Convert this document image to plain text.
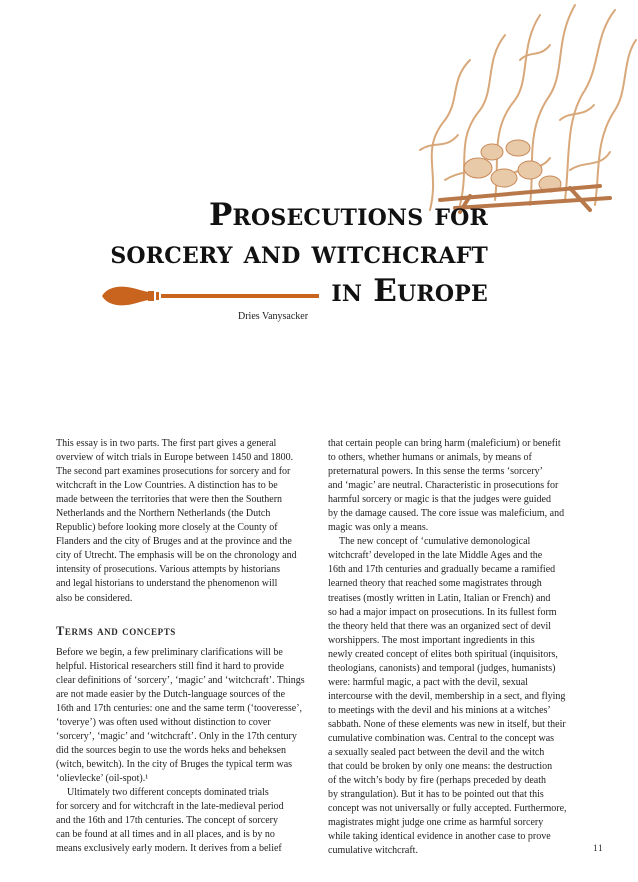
Prosecutions for
sorcery and witchcraft
in Europe
Dries Vanysacker
This essay is in two parts. The first part gives a general
overview of witch trials in Europe between 1450 and 1800.
The second part examines prosecutions for sorcery and for
witchcraft in the Low Countries. A distinction has to be
made between the territories that were then the Southern
Netherlands and the Northern Netherlands (the Dutch
Republic) before looking more closely at the County of
Flanders and the city of Bruges and at the province and the
city of Utrecht. The emphasis will be on the chronology and
intensity of prosecutions. Various attempts by historians
and legal historians to understand the phenomenon will
also be considered.
Terms and concepts
Before we begin, a few preliminary clarifications will be
helpful. Historical researchers still find it hard to provide
clear definitions of ‘sorcery’, ‘magic’ and ‘witchcraft’. Things
are not made easier by the Dutch-language sources of the
16th and 17th centuries: one and the same term (‘tooveresse’,
‘toverye’) was often used without distinction to cover
‘sorcery’, ‘magic’ and ‘witchcraft’. Only in the 17th century
did the sources begin to use the words heks and beheksen
(witch, bewitch). In the city of Bruges the typical term was
‘olievlecke’ (oil-spot).¹
Ultimately two different concepts dominated trials
for sorcery and for witchcraft in the late-medieval period
and the 16th and 17th centuries. The concept of sorcery
can be found at all times and in all places, and is by no
means exclusively early modern. It derives from a belief
that certain people can bring harm (maleficium) or benefit
to others, whether humans or animals, by means of
preternatural powers. In this sense the terms ‘sorcery’
and ‘magic’ are neutral. Characteristic in prosecutions for
harmful sorcery or magic is that the judges were guided
by the damage caused. The core issue was maleficium, and
magic was only a means.
The new concept of ‘cumulative demonological
witchcraft’ developed in the late Middle Ages and the
16th and 17th centuries and gradually became a ramified
learned theory that reached some magistrates through
treatises (mostly written in Latin, Italian or French) and
so had a major impact on prosecutions. In its fullest form
the theory held that there was an organized sect of devil
worshippers. The most important ingredients in this
newly created concept of elites both spiritual (inquisitors,
theologians, canonists) and temporal (judges, humanists)
were: harmful magic, a pact with the devil, sexual
intercourse with the devil, membership in a sect, and flying
to meetings with the devil and his minions at a witches’
sabbath. None of these elements was new in itself, but their
cumulative combination was. Central to the concept was
a sexually sealed pact between the devil and the witch
that could be broken by only one means: the destruction
of the witch’s body by fire (perhaps preceded by death
by strangulation). But it has to be pointed out that this
concept was not universally or fully accepted. Furthermore,
magistrates might judge one crime as harmful sorcery
while taking identical evidence in another case to prove
cumulative witchcraft.	11
